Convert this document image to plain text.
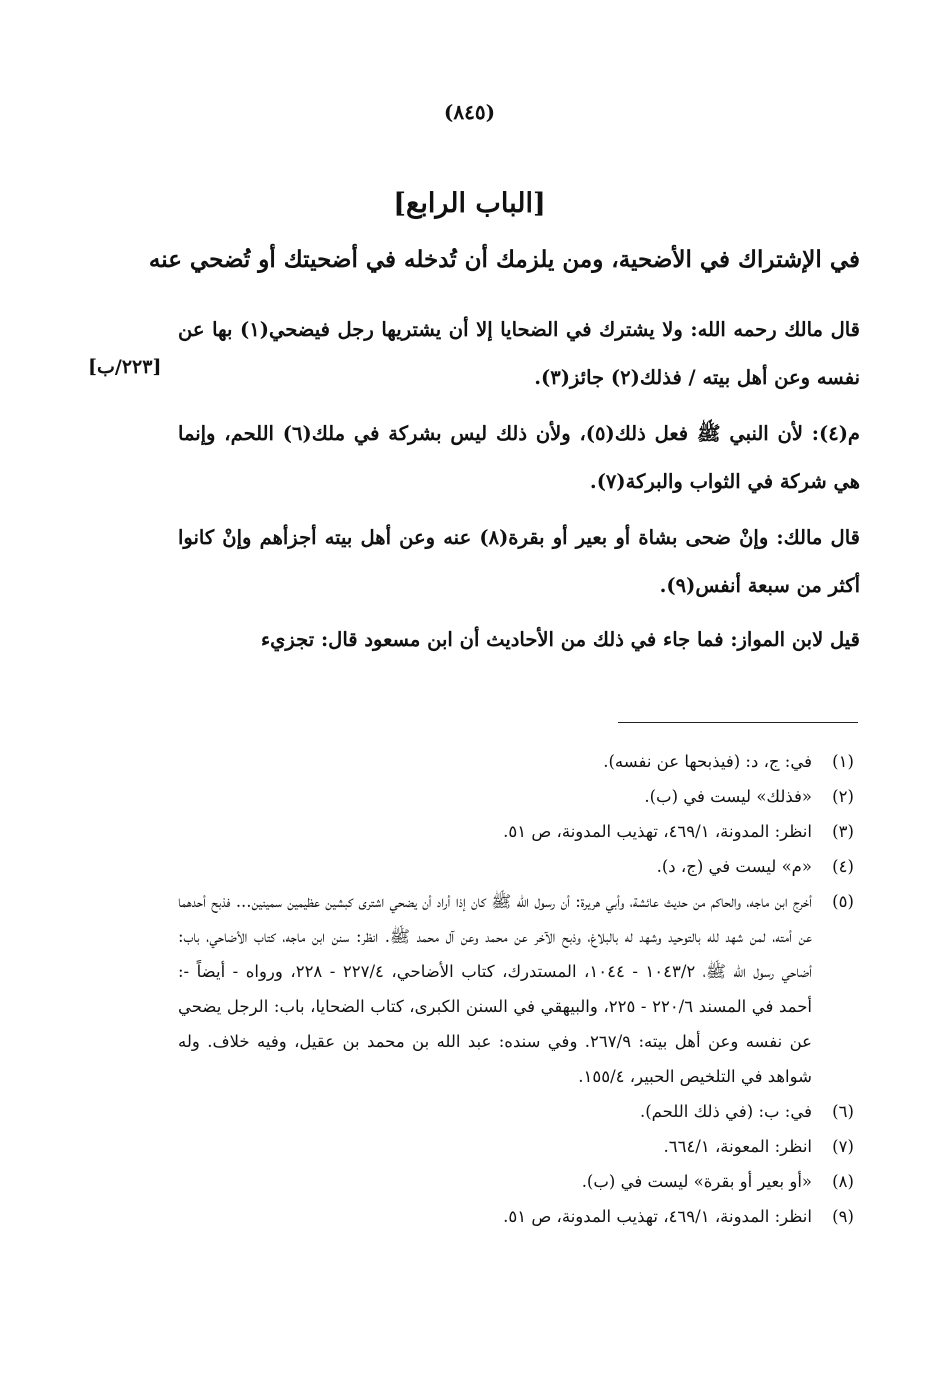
(٨٤٥)
[الباب الرابع]
في الإشتراك في الأضحية، ومن يلزمك أن تُدخله في أضحيتك أو تُضحي عنه
قال مالك رحمه الله: ولا يشترك في الضحايا إلا أن يشتريها رجل فيضحي(١) بها عن نفسه وعن أهل بيته / فذلك(٢) جائز(٣).
[٢٢٣/ب]
م(٤): لأن النبي ﷺ فعل ذلك(٥)، ولأن ذلك ليس بشركة في ملك(٦) اللحم، وإنما هي شركة في الثواب والبركة(٧).
قال مالك: وإنْ ضحى بشاة أو بعير أو بقرة(٨) عنه وعن أهل بيته أجزأهم وإنْ كانوا أكثر من سبعة أنفس(٩).
قيل لابن المواز: فما جاء في ذلك من الأحاديث أن ابن مسعود قال: تجزيء
(١)
في: ج، د: (فيذبحها عن نفسه).
(٢)
«فذلك» ليست في (ب).
(٣)
انظر: المدونة، ٤٦٩/١، تهذيب المدونة، ص ٥١.
(٤)
«م» ليست في (ج، د).
(٥)
أخرج ابن ماجه، والحاكم من حديث عائشة، وأبي هريرة: أن رسول الله ﷺ كان إذا أراد أن يضحي اشترى كبشين عظيمين سمينين... فذبح أحدهما عن أمته، لمن شهد لله بالتوحيد وشهد له بالبلاغ، وذبح الآخر عن محمد وعن آل محمد ﷺ. انظر: سنن ابن ماجه، كتاب الأضاحي، باب: أضاحي رسول الله ﷺ، ١٠٤٣/٢ - ١٠٤٤، المستدرك، كتاب الأضاحي، ٢٢٧/٤ - ٢٢٨، ورواه - أيضاً -: أحمد في المسند ٢٢٠/٦ - ٢٢٥، والبيهقي في السنن الكبرى، كتاب الضحايا، باب: الرجل يضحي عن نفسه وعن أهل بيته: ٢٦٧/٩. وفي سنده: عبد الله بن محمد بن عقيل، وفيه خلاف. وله شواهد في التلخيص الحبير، ١٥٥/٤.
(٦)
في: ب: (في ذلك اللحم).
(٧)
انظر: المعونة، ٦٦٤/١.
(٨)
«أو بعير أو بقرة» ليست في (ب).
(٩)
انظر: المدونة، ٤٦٩/١، تهذيب المدونة، ص ٥١.
